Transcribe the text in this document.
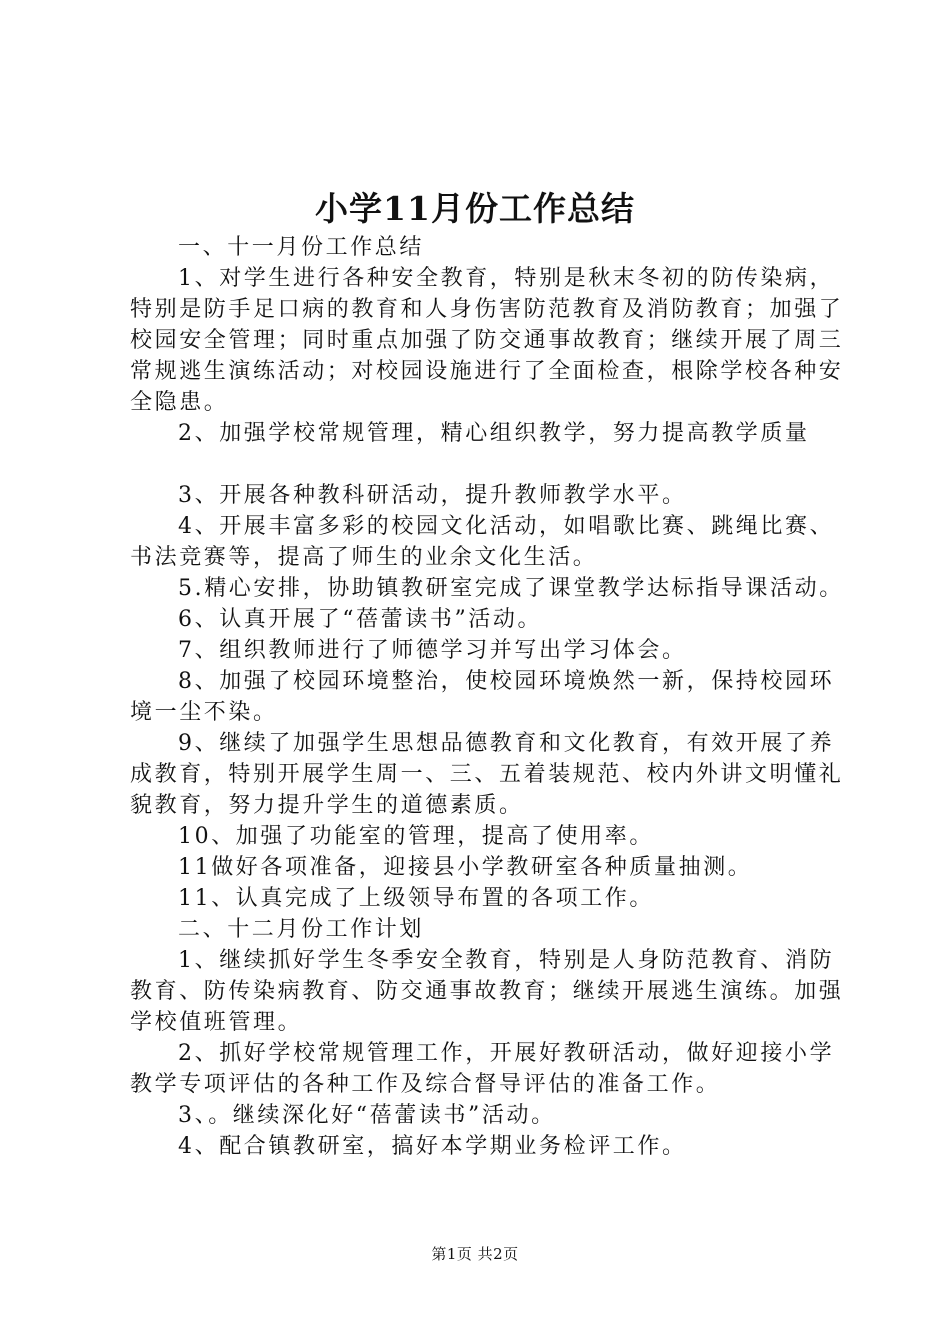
小学11月份工作总结

一、十一月份工作总结

1、对学生进行各种安全教育，特别是秋末冬初的防传染病，特别是防手足口病的教育和人身伤害防范教育及消防教育；加强了校园安全管理；同时重点加强了防交通事故教育；继续开展了周三常规逃生演练活动；对校园设施进行了全面检查，根除学校各种安全隐患。

2、加强学校常规管理，精心组织教学，努力提高教学质量

3、开展各种教科研活动，提升教师教学水平。

4、开展丰富多彩的校园文化活动，如唱歌比赛、跳绳比赛、书法竞赛等，提高了师生的业余文化生活。

5.精心安排，协助镇教研室完成了课堂教学达标指导课活动。

6、认真开展了“蓓蕾读书”活动。

7、组织教师进行了师德学习并写出学习体会。

8、加强了校园环境整治，使校园环境焕然一新，保持校园环境一尘不染。

9、继续了加强学生思想品德教育和文化教育，有效开展了养成教育，特别开展学生周一、三、五着装规范、校内外讲文明懂礼貌教育，努力提升学生的道德素质。

10、加强了功能室的管理，提高了使用率。

11做好各项准备，迎接县小学教研室各种质量抽测。

11、认真完成了上级领导布置的各项工作。

二、十二月份工作计划

1、继续抓好学生冬季安全教育，特别是人身防范教育、消防教育、防传染病教育、防交通事故教育；继续开展逃生演练。加强学校值班管理。

2、抓好学校常规管理工作，开展好教研活动，做好迎接小学教学专项评估的各种工作及综合督导评估的准备工作。

3、。继续深化好“蓓蕾读书”活动。

4、配合镇教研室，搞好本学期业务检评工作。

第1页 共2页
